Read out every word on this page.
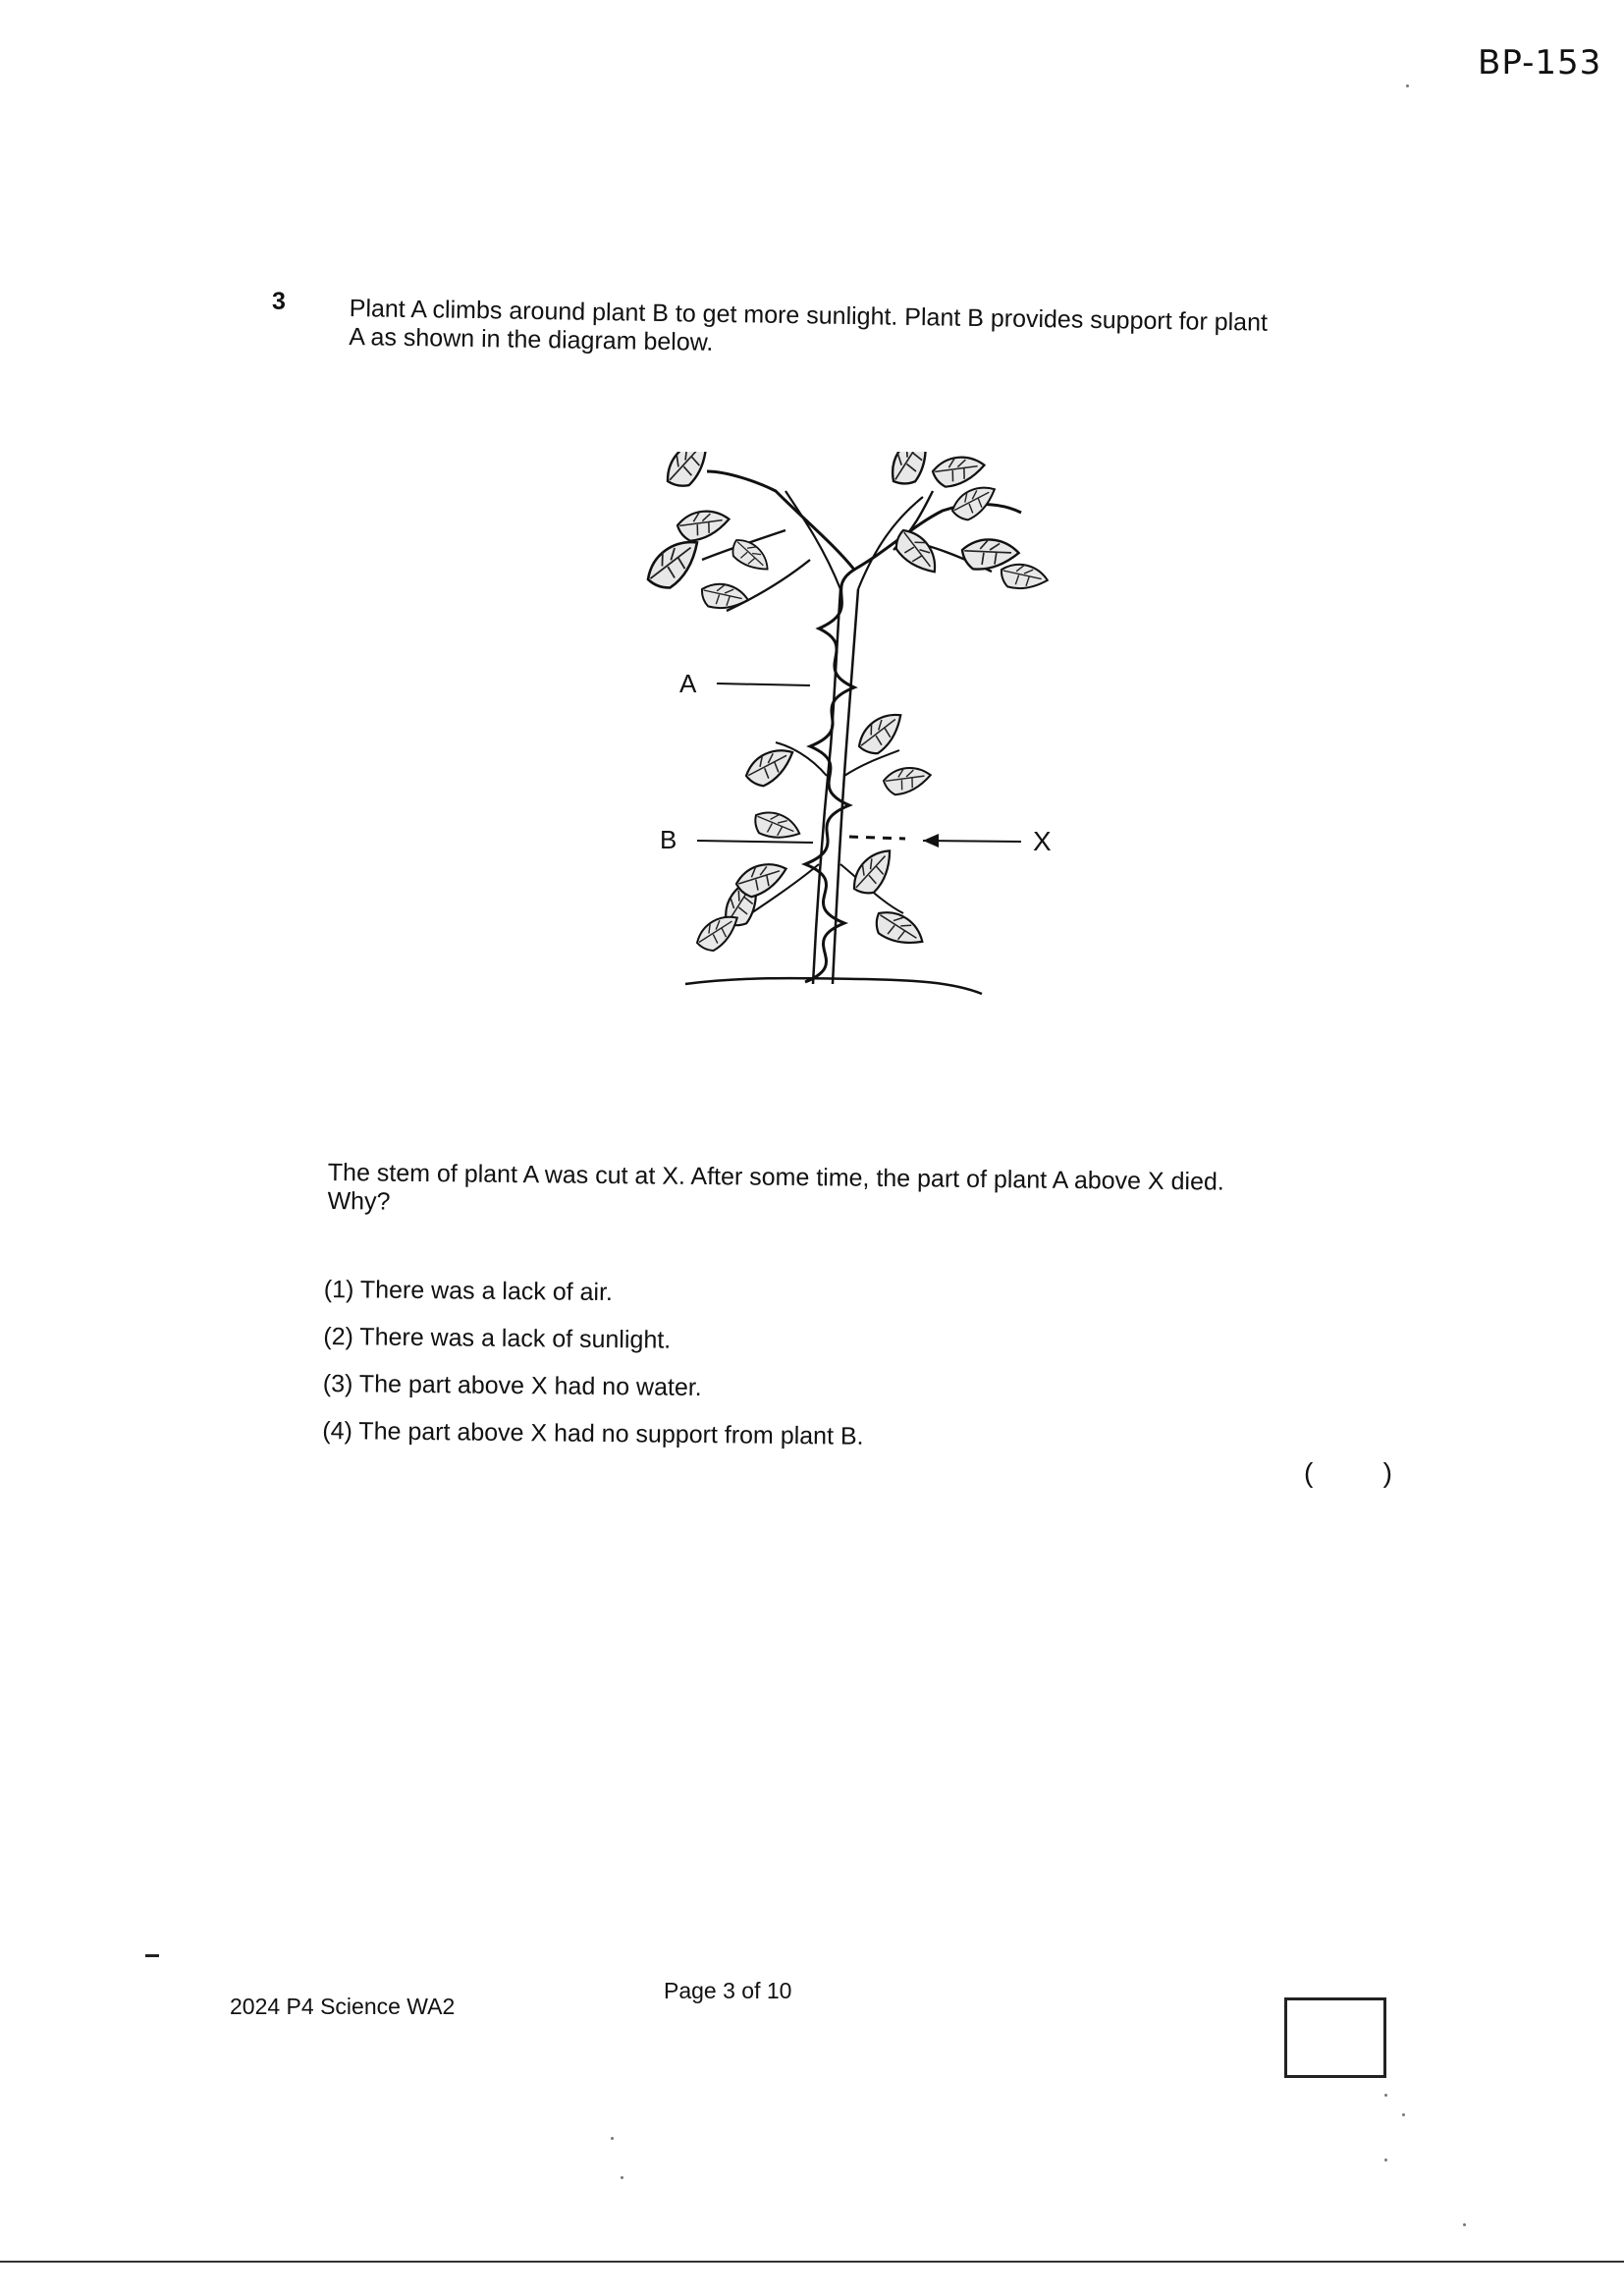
BP-153
3	Plant A climbs around plant B to get more sunlight. Plant B provides support for plant A as shown in the diagram below.
A
B	X
The stem of plant A was cut at X. After some time, the part of plant A above X died. Why?
(1) There was a lack of air.
(2) There was a lack of sunlight.
(3) The part above X had no water.
(4) The part above X had no support from plant B.
(	)
2024 P4 Science WA2
Page 3 of 10
